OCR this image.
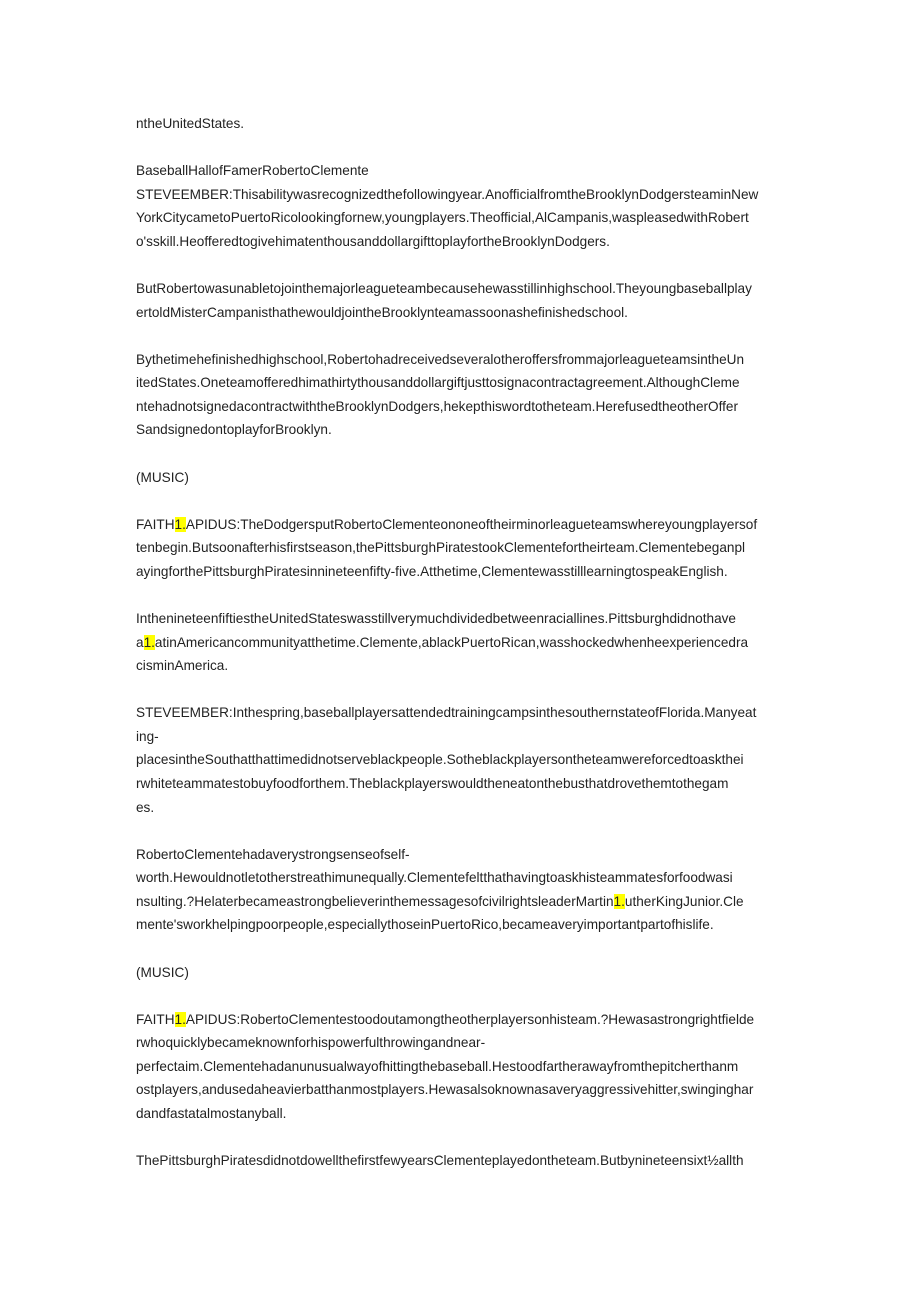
ntheUnitedStates.
BaseballHallofFamerRobertoClemente
STEVEEMBER:Thisabilitywasrecognizedthefollowingyear.AnofficialfromtheBrooklynDodgersteaminNew
YorkCitycametoPuertoRicolookingfornew,youngplayers.Theofficial,AlCampanis,waspleasedwithRobert
o'sskill.HeofferedtogivehimatenthousanddollargifttoplayfortheBrooklynDodgers.
ButRobertowasunabletojointhemajorleagueteambecausehewasstillinhighschool.Theyoungbaseballplay
ertoldMisterCampanisthathewouldjointheBrooklynteamassoonashefinishedschool.
Bythetimehefinishedhighschool,RobertohadreceivedseveralotheroffersfrommajorleagueteamsintheUn
itedStates.Oneteamofferedhimathirtythousanddollargiftjusttosignacontractagreement.AlthoughCleme
ntehadnotsignedacontractwiththeBrooklynDodgers,hekepthiswordtotheteam.HerefusedtheotherOffer
SandsignedontoplayforBrooklyn.
(MUSIC)
FAITH1.APIDUS:TheDodgersputRobertoClementeononeoftheirminorleagueteamswhereyoungplayersof
tenbegin.Butsoonafterhisfirstseason,thePittsburghPiratestookClementefortheirteam.Clementebeganpl
ayingforthePittsburghPiratesinnineteenfifty-five.Atthetime,ClementewasstilllearningtospeakEnglish.
InthenineteenfiftiestheUnitedStateswasstillverymuchdividedbetweenraciallines.Pittsburghdidnothave
a1.atinAmericancommunityatthetime.Clemente,ablackPuertoRican,wasshockedwhenheexperiencedra
cisminAmerica.
STEVEEMBER:Inthespring,baseballplayersattendedtrainingcampsinthesouthernstateofFlorida.Manyeat
ing-
placesintheSouthatthattimedidnotserveblackpeople.Sotheblackplayersontheteamwereforcedtoaskthei
rwhiteteammatestobuyfoodforthem.Theblackplayerswouldtheneatonthebusthatdrovethemtothegam
es.
RobertoClementehadaverystrongsenseofself-
worth.Hewouldnotletotherstreathimunequally.Clementefeltthathavingtoaskhisteammatesforfoodwasi
nsulting.?HelaterbecameastrongbelieverinthemessagesofcivilrightsleaderMartin1.utherKingJunior.Cle
mente'sworkhelpingpoorpeople,especiallythoseinPuertoRico,becameaveryimportantpartofhislife.
(MUSIC)
FAITH1.APIDUS:RobertoClementestoodoutamongtheotherplayersonhisteam.?Hewasastrongrightfielde
rwhoquicklybecameknownforhispowerfulthrowingandnear-
perfectaim.Clementehadanunusualwayofhittingthebaseball.Hestoodfartherawayfromthepitcherthanm
ostplayers,andusedaheavierbatthanmostplayers.Hewasalsoknownasaveryaggressivehitter,swinginghar
dandfastatalmostanyball.
ThePittsburghPiratesdidnotdowellthefirstfewyearsClementeplayedontheteam.Butbynineteensixt½allth
